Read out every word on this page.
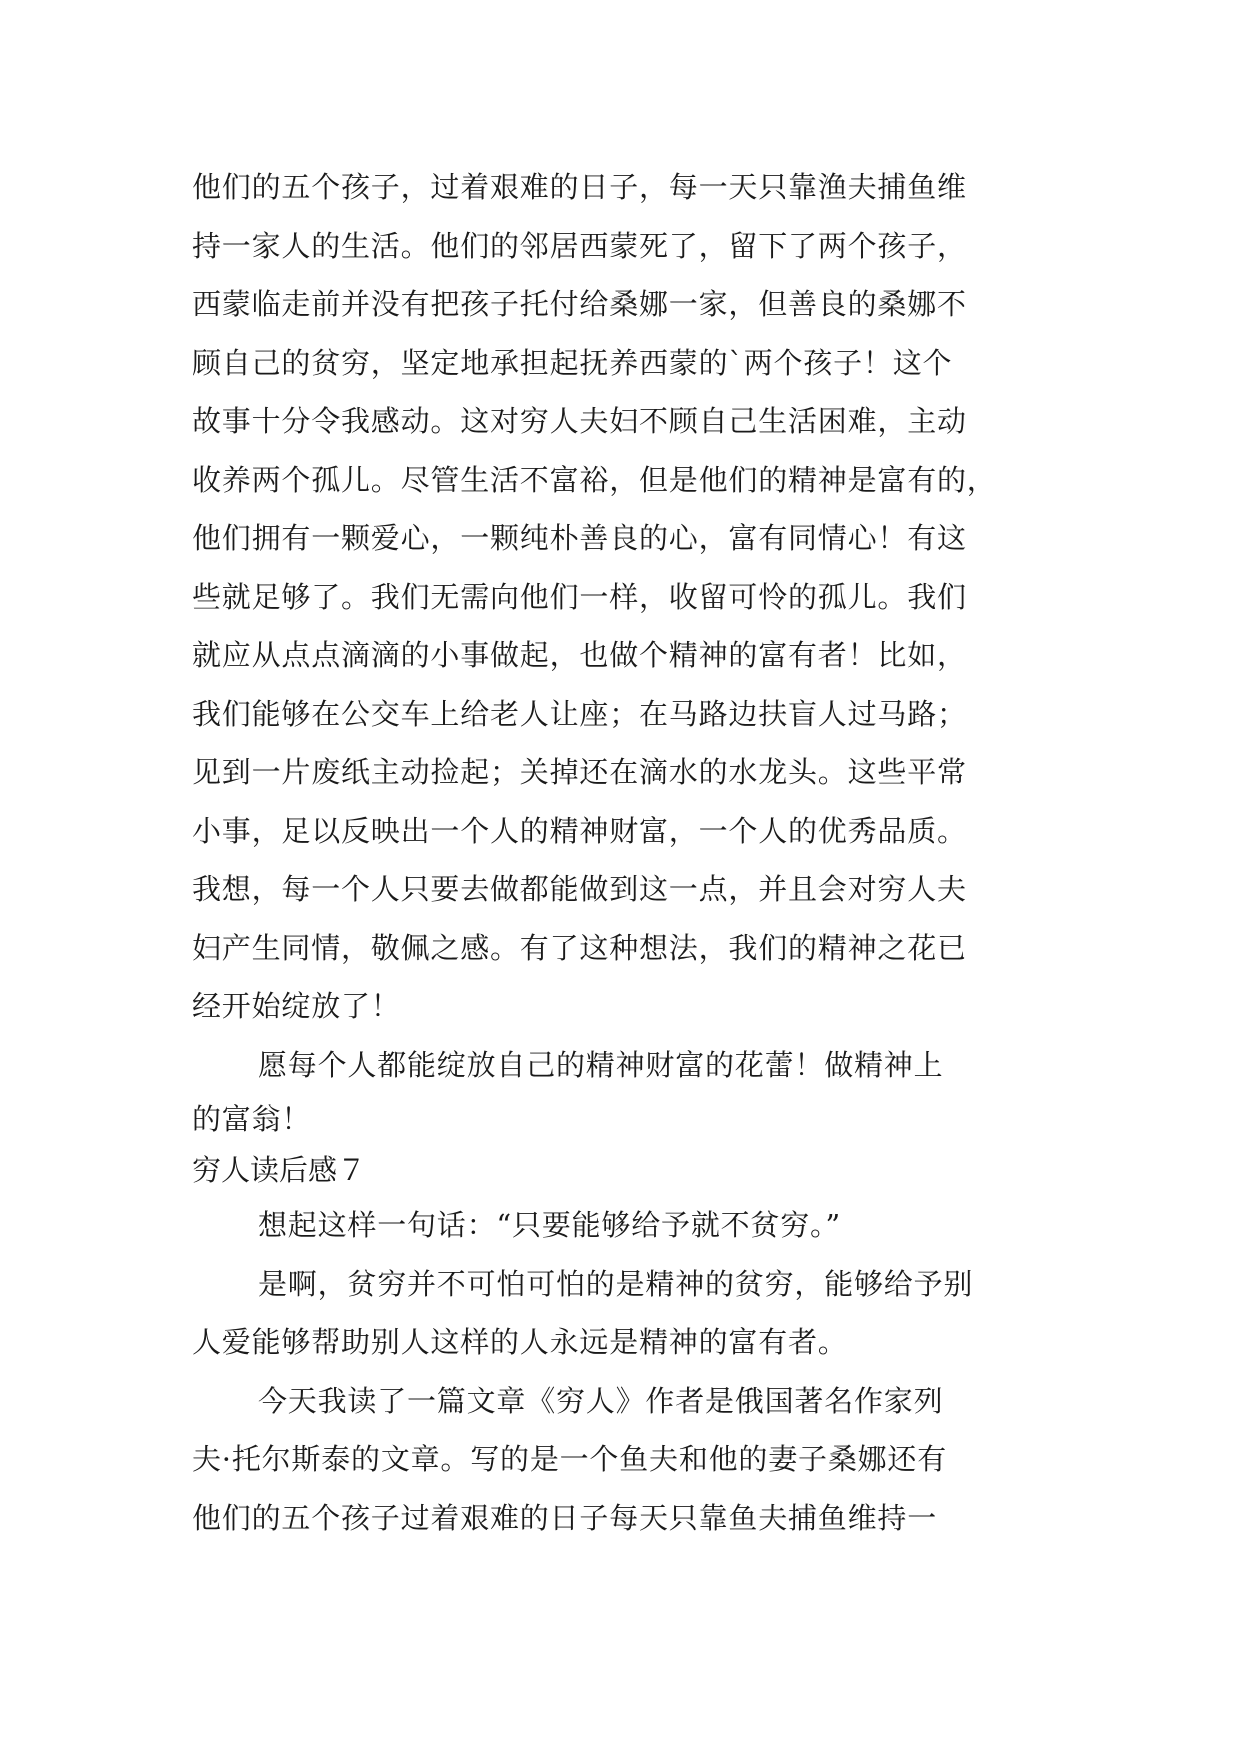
他们的五个孩子，过着艰难的日子，每一天只靠渔夫捕鱼维
持一家人的生活。他们的邻居西蒙死了，留下了两个孩子，
西蒙临走前并没有把孩子托付给桑娜一家，但善良的桑娜不
顾自己的贫穷，坚定地承担起抚养西蒙的`两个孩子！这个
故事十分令我感动。这对穷人夫妇不顾自己生活困难，主动
收养两个孤儿。尽管生活不富裕，但是他们的精神是富有的，
他们拥有一颗爱心，一颗纯朴善良的心，富有同情心！有这
些就足够了。我们无需向他们一样，收留可怜的孤儿。我们
就应从点点滴滴的小事做起，也做个精神的富有者！比如，
我们能够在公交车上给老人让座；在马路边扶盲人过马路；
见到一片废纸主动捡起；关掉还在滴水的水龙头。这些平常
小事，足以反映出一个人的精神财富，一个人的优秀品质。
我想，每一个人只要去做都能做到这一点，并且会对穷人夫
妇产生同情，敬佩之感。有了这种想法，我们的精神之花已
经开始绽放了！
愿每个人都能绽放自己的精神财富的花蕾！做精神上
的富翁！
穷人读后感７
想起这样一句话：“只要能够给予就不贫穷。”
是啊，贫穷并不可怕可怕的是精神的贫穷，能够给予别
人爱能够帮助别人这样的人永远是精神的富有者。
今天我读了一篇文章《穷人》作者是俄国著名作家列
夫·托尔斯泰的文章。写的是一个鱼夫和他的妻子桑娜还有
他们的五个孩子过着艰难的日子每天只靠鱼夫捕鱼维持一
